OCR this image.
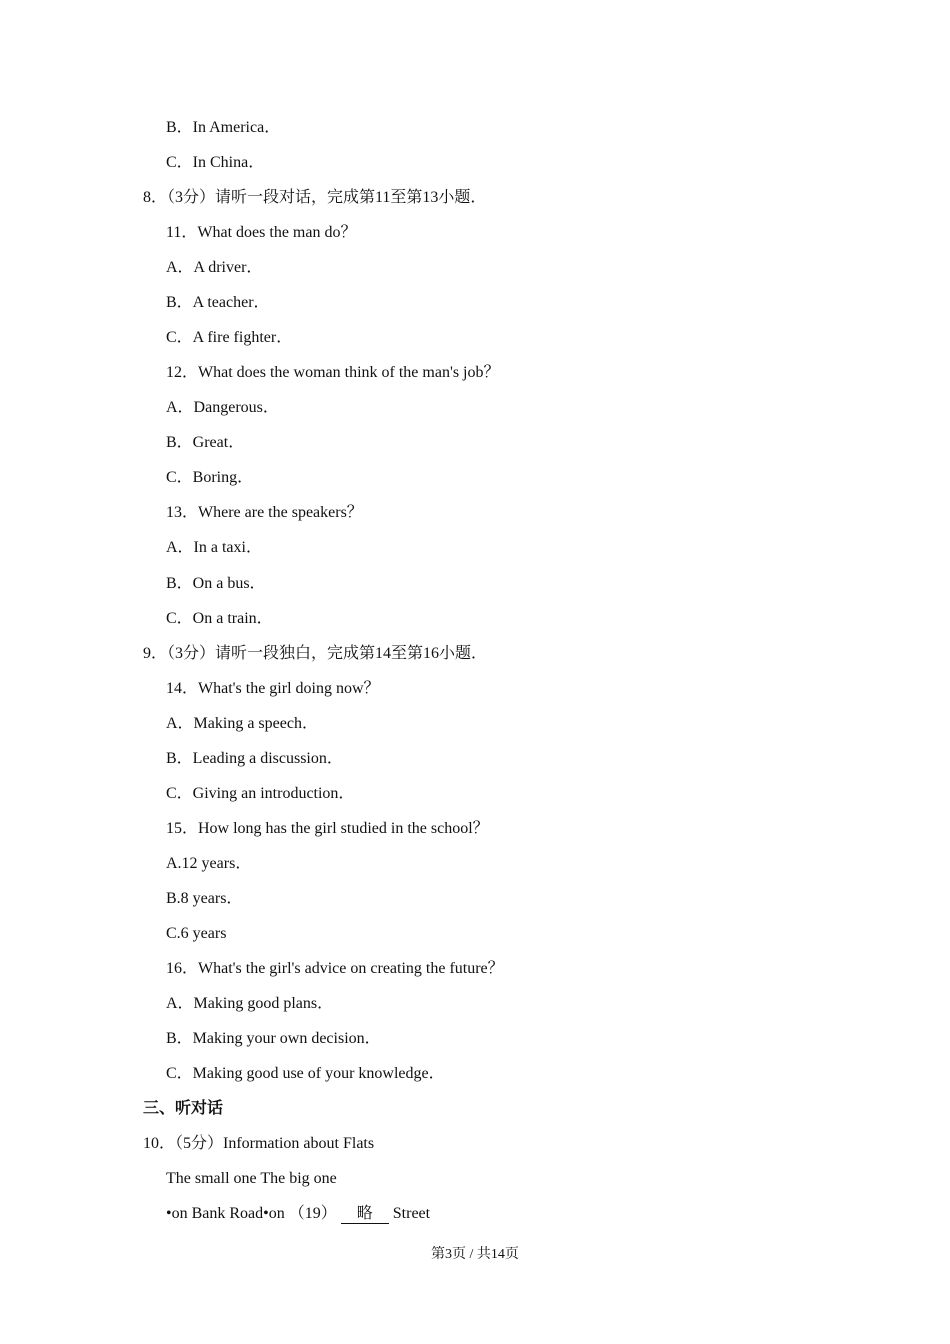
B．In America．
C．In China．
8．（3分）请听一段对话，完成第11至第13小题．
11．What does the man do？
A．A driver．
B．A teacher．
C．A fire fighter．
12．What does the woman think of the man's job？
A．Dangerous．
B．Great．
C．Boring．
13．Where are the speakers？
A．In a taxi．
B．On a bus．
C．On a train．
9．（3分）请听一段独白，完成第14至第16小题．
14．What's the girl doing now？
A．Making a speech．
B．Leading a discussion．
C．Giving an introduction．
15．How long has the girl studied in the school？
A.12 years．
B.8 years．
C.6 years
16．What's the girl's advice on creating the future？
A．Making good plans．
B．Making your own decision．
C．Making good use of your knowledge．
三、听对话
10．（5分）Information about Flats
The small one The big one
•on Bank Road•on （19） 略 Street
第3页 / 共14页
